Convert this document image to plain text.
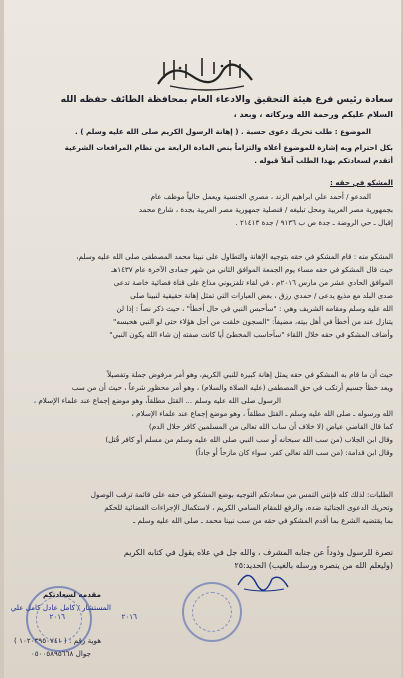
سعادة رئيس فرع هيئة التحقيق والادعاء العام بمحافظة الطائف حفظه الله
السلام عليكم ورحمة الله وبركاته ، وبعد ،
الموضوع : طلب تحريك دعوى حسبة . ( إهانة الرسول الكريم صلى الله عليه وسلم ) .
بكل احترام وبه إشارة للموضوع أعلاه والتزاماً بنص المادة الرابعة من نظام المرافعات الشرعية
أتقدم لسعادتكم بهذا الطلب آملاً قبوله .
المشكو في حقه :
المدعو / أحمد علي ابراهيم الزند ، مصري الجنسية ويعمل حالياً موظف عام
بجمهورية مصر العربية ومحل تبليغه / قنصلية جمهورية مصر العربية بجدة ، شارع محمد
إقبال ـ حي الروضة ـ جدة ص ب ٩١٣٦ / جدة ٢١٤١٣ .
المشكو منه : قام المشكو في حقه بتوجيه الإهانة والتطاول على نبينا محمد المصطفى صلى الله عليه وسلم،
حيث قال المشكو في حقه مساء يوم الجمعة الموافق الثاني من شهر جمادى الآخرة عام ١٤٣٧هـ
الموافق الحادي عشر من مارس ٢٠١٦م ، في لقاء تلفزيوني مذاع على قناة فضائية خاصة تدعى
صدى البلد مع مذيع يدعى / حمدي رزق ، بعض العبارات التي تمثل إهانة حقيقية لنبينا صلى
الله عليه وسلم ومقامه الشريف وهي : "سأحبس النبي في حال أخطأ" ، حيث ذكر نصاً : إذا لن
يتنازل عند من أخطأ في أهل بيته، مضيفاً: "السجون خلقت من أجل هؤلاء حتى لو النبي هحبسه"
وأضاف المشكو في حقه خلال اللقاء "سأحاسب المخطئ أيا كانت صفته إن شاء الله يكون النبي"
حيث أن ما قام به المشكو في حقه يمثل إهانة كبيرة للنبي الكريم، وهو أمر مرفوض جملة وتفصيلاً
ويعد خطأ جسيم أرتكب في حق المصطفى (عليه الصلاة والسلام) ، وهو أمر محظور شرعاً ، حيث أن من سب
الرسول صلى الله عليه وسلم ... القتل مطلقاً، وهو موضع إجماع عند علماء الإسلام ،
الله ورسوله ـ صلى الله عليه وسلم ـ القتل مطلقاً ، وهو موضع إجماع عند علماء الإسلام ،
كما قال القاضي عياض (لا خلاف أن ساب الله تعالى من المسلمين كافر حلال الدم)
وقال ابن الجلاب (من سب الله سبحانه أو سب النبي صلى الله عليه وسلم من مسلم أو كافر قُتل)
وقال ابن قدامة: (من سب الله تعالى كفر، سواء كان مازحاً أو جاداً)
الطلبات: لذلك كله فإنني التمس من سعادتكم التوجيه بوضع المشكو في حقه على قائمة ترقب الوصول
وتحريك الدعوى الجنائية ضده، والرفع للمقام السامي الكريم ، لاستكمال الإجراءات القضائية للحكم
بما يقتضيه الشرع بما أقدم المشكو في حقه من سب نبينا محمد ـ صلى الله عليه وسلم ـ
نصرة للرسول وذوداً عن جنابه المشرف ، والله جل في علاه يقول في كتابه الكريم
(وليعلم الله من ينصره ورسله بالغيب) الحديد:٢٥
مقدمه لسعادتكم
المستشار / كامل عادل كامل علي
هوية رقم : ( ١٠٢٠٣٩٥٠٧٤١ )
جوال ٠٥٠٠٥٨٩٥٦٦٨
٢٠١٦	٢٠١٦
